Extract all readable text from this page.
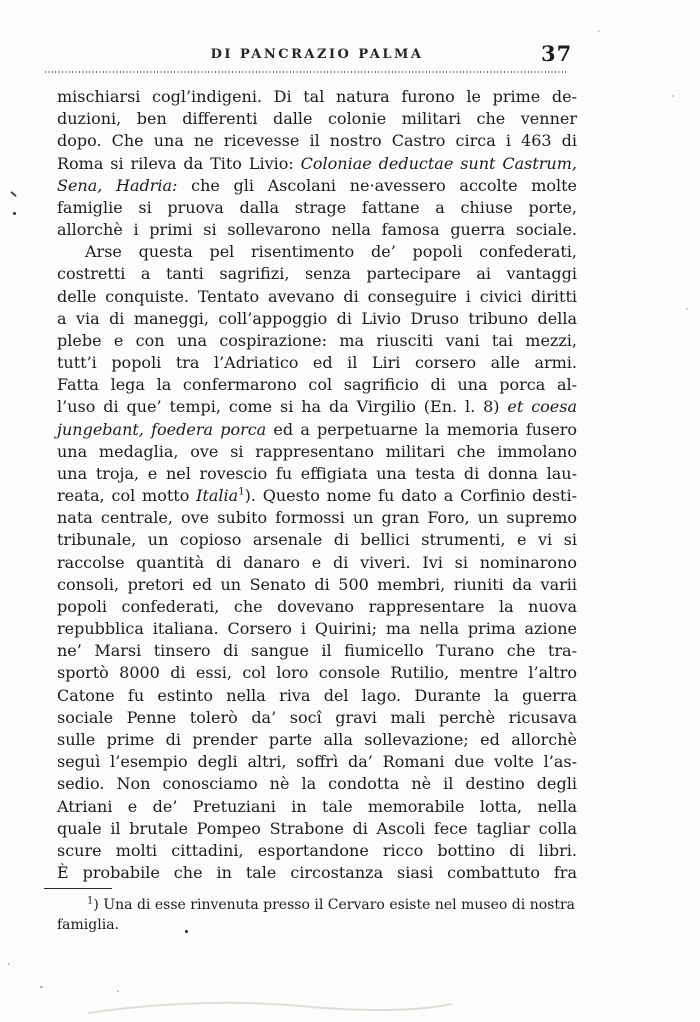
DI PANCRAZIO PALMA	37
mischiarsi cogl’indigeni. Di tal natura furono le prime de-
duzioni, ben differenti dalle colonie militari che venner
dopo. Che una ne ricevesse il nostro Castro circa i 463 di
Roma si rileva da Tito Livio: Coloniae deductae sunt Castrum,
Sena, Hadria: che gli Ascolani ne·avessero accolte molte
famiglie si pruova dalla strage fattane a chiuse porte,
allorchè i primi si sollevarono nella famosa guerra sociale.
Arse questa pel risentimento de’ popoli confederati,
costretti a tanti sagrifizi, senza partecipare ai vantaggi
delle conquiste. Tentato avevano di conseguire i civici diritti
a via di maneggi, coll’appoggio di Livio Druso tribuno della
plebe e con una cospirazione: ma riusciti vani tai mezzi,
tutt’i popoli tra l’Adriatico ed il Liri corsero alle armi.
Fatta lega la confermarono col sagrificio di una porca al-
l’uso di que’ tempi, come si ha da Virgilio (En. l. 8) et coesa
jungebant, foedera porca ed a perpetuarne la memoria fusero
una medaglia, ove si rappresentano militari che immolano
una troja, e nel rovescio fu effigiata una testa di donna lau-
reata, col motto Italia$^1$). Questo nome fu dato a Corfinio desti-
nata centrale, ove subito formossi un gran Foro, un supremo
tribunale, un copioso arsenale di bellici strumenti, e vi si
raccolse quantità di danaro e di viveri. Ivi si nominarono
consoli, pretori ed un Senato di 500 membri, riuniti da varii
popoli confederati, che dovevano rappresentare la nuova
repubblica italiana. Corsero i Quirini; ma nella prima azione
ne’ Marsi tinsero di sangue il fiumicello Turano che tra-
sportò 8000 di essi, col loro console Rutilio, mentre l’altro
Catone fu estinto nella riva del lago. Durante la guerra
sociale Penne tolerò da’ socî gravi mali perchè ricusava
sulle prime di prender parte alla sollevazione; ed allorchè
seguì l’esempio degli altri, soffrì da’ Romani due volte l’as-
sedio. Non conosciamo nè la condotta nè il destino degli
Atriani e de’ Pretuziani in tale memorabile lotta, nella
quale il brutale Pompeo Strabone di Ascoli fece tagliar colla
scure molti cittadini, esportandone ricco bottino di libri.
È probabile che in tale circostanza siasi combattuto fra
$^1$) Una di esse rinvenuta presso il Cervaro esiste nel museo di nostra
famiglia.
